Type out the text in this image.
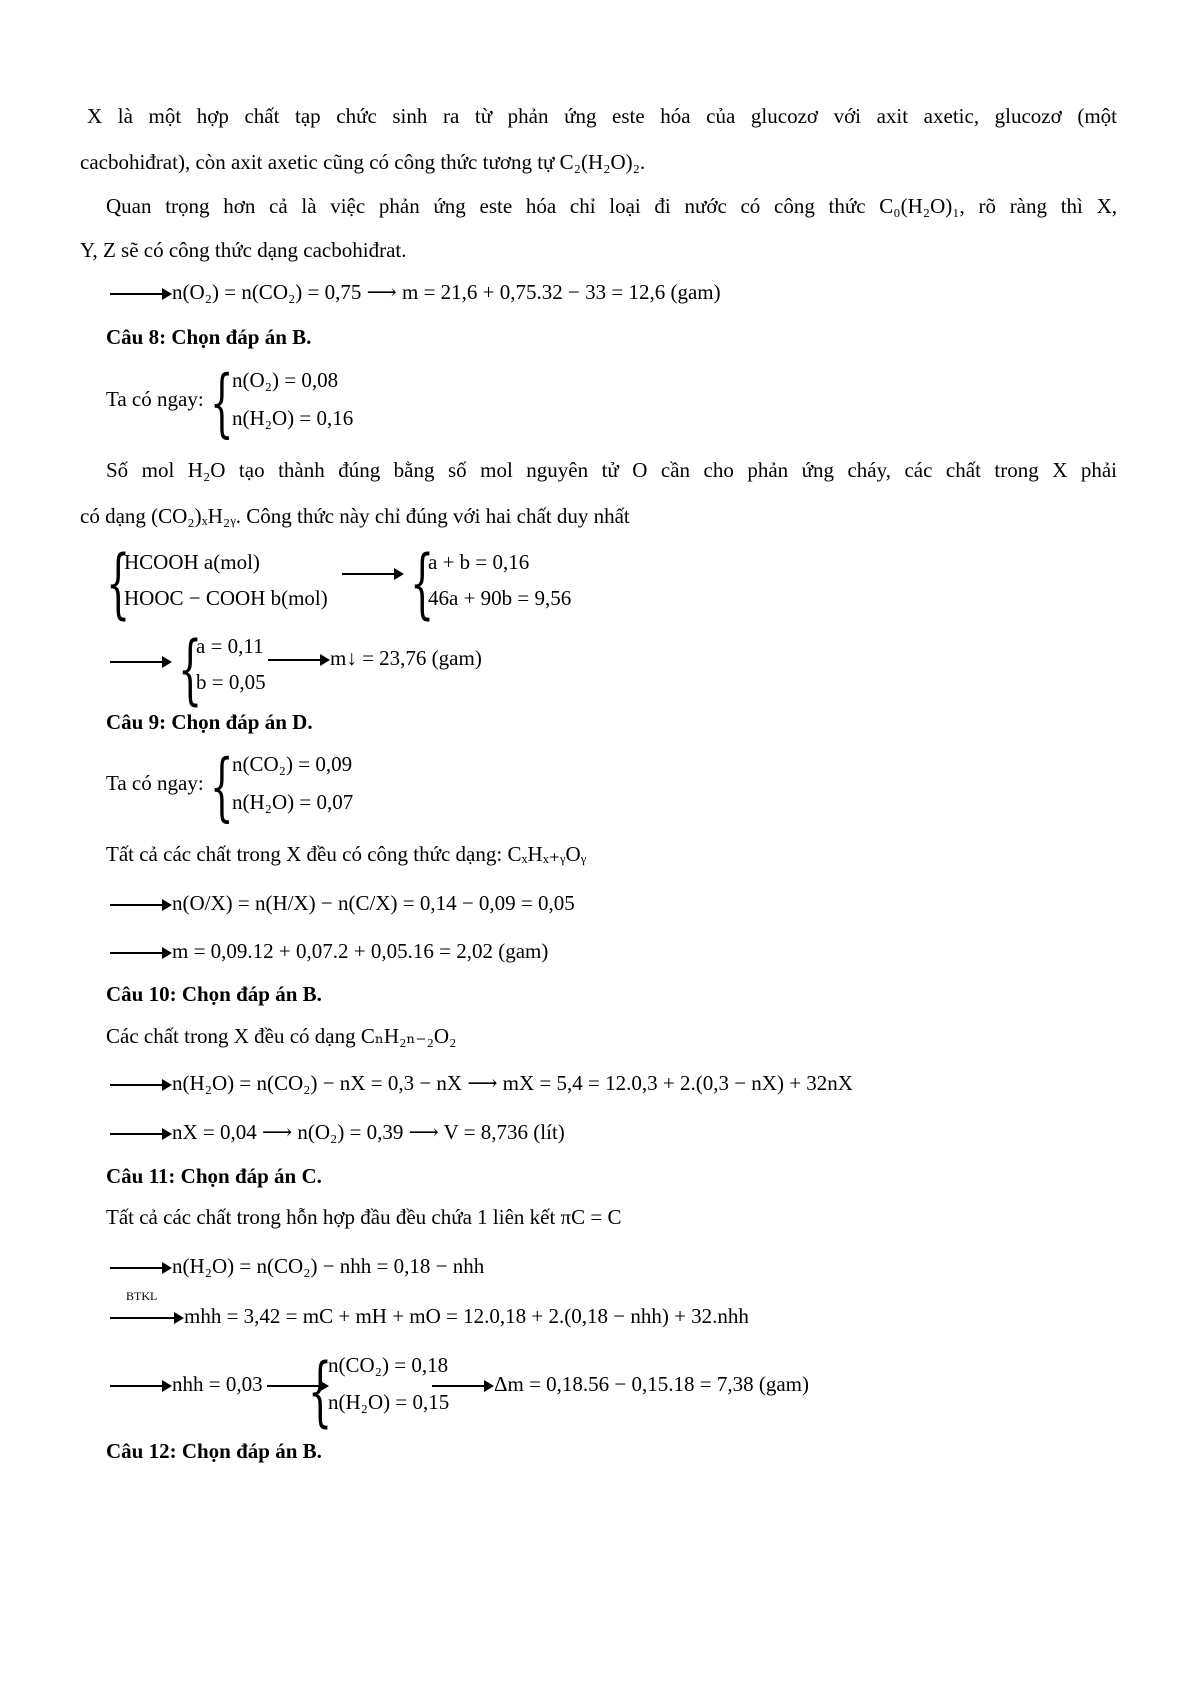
X là một hợp chất tạp chức sinh ra từ phản ứng este hóa của glucozơ với axit axetic, glucozơ (một
cacbohiđrat), còn axit axetic cũng có công thức tương tự C₂(H₂O)₂.
Quan trọng hơn cả là việc phản ứng este hóa chỉ loại đi nước có công thức C₀(H₂O)₁, rõ ràng thì X,
Y, Z sẽ có công thức dạng cacbohiđrat.
n(O₂) = n(CO₂) = 0,75 ⟶ m = 21,6 + 0,75.32 − 33 = 12,6 (gam)
Câu 8: Chọn đáp án B.
Ta có ngay: {
n(O₂) = 0,08
n(H₂O) = 0,16
Số mol H₂O tạo thành đúng bằng số mol nguyên tử O cần cho phản ứng cháy, các chất trong X phải
có dạng (CO₂)ₓH₂ᵧ. Công thức này chỉ đúng với hai chất duy nhất
{
HCOOH a(mol)
HOOC − COOH b(mol) {
a + b = 0,16
46a + 90b = 9,56
{
a = 0,11
b = 0,05
m↓ = 23,76 (gam)
Câu 9: Chọn đáp án D.
Ta có ngay: {
n(CO₂) = 0,09
n(H₂O) = 0,07
Tất cả các chất trong X đều có công thức dạng: CₓHₓ₊ᵧOᵧ
n(O/X) = n(H/X) − n(C/X) = 0,14 − 0,09 = 0,05
m = 0,09.12 + 0,07.2 + 0,05.16 = 2,02 (gam)
Câu 10: Chọn đáp án B.
Các chất trong X đều có dạng CₙH₂ₙ₋₂O₂
n(H₂O) = n(CO₂) − nX = 0,3 − nX ⟶ mX = 5,4 = 12.0,3 + 2.(0,3 − nX) + 32nX
nX = 0,04 ⟶ n(O₂) = 0,39 ⟶ V = 8,736 (lít)
Câu 11: Chọn đáp án C.
Tất cả các chất trong hỗn hợp đầu đều chứa 1 liên kết πC = C
n(H₂O) = n(CO₂) − nhh = 0,18 − nhh
BTKL
mhh = 3,42 = mC + mH + mO = 12.0,18 + 2.(0,18 − nhh) + 32.nhh
nhh = 0,03 {
n(CO₂) = 0,18
n(H₂O) = 0,15
Δm = 0,18.56 − 0,15.18 = 7,38 (gam)
Câu 12: Chọn đáp án B.
